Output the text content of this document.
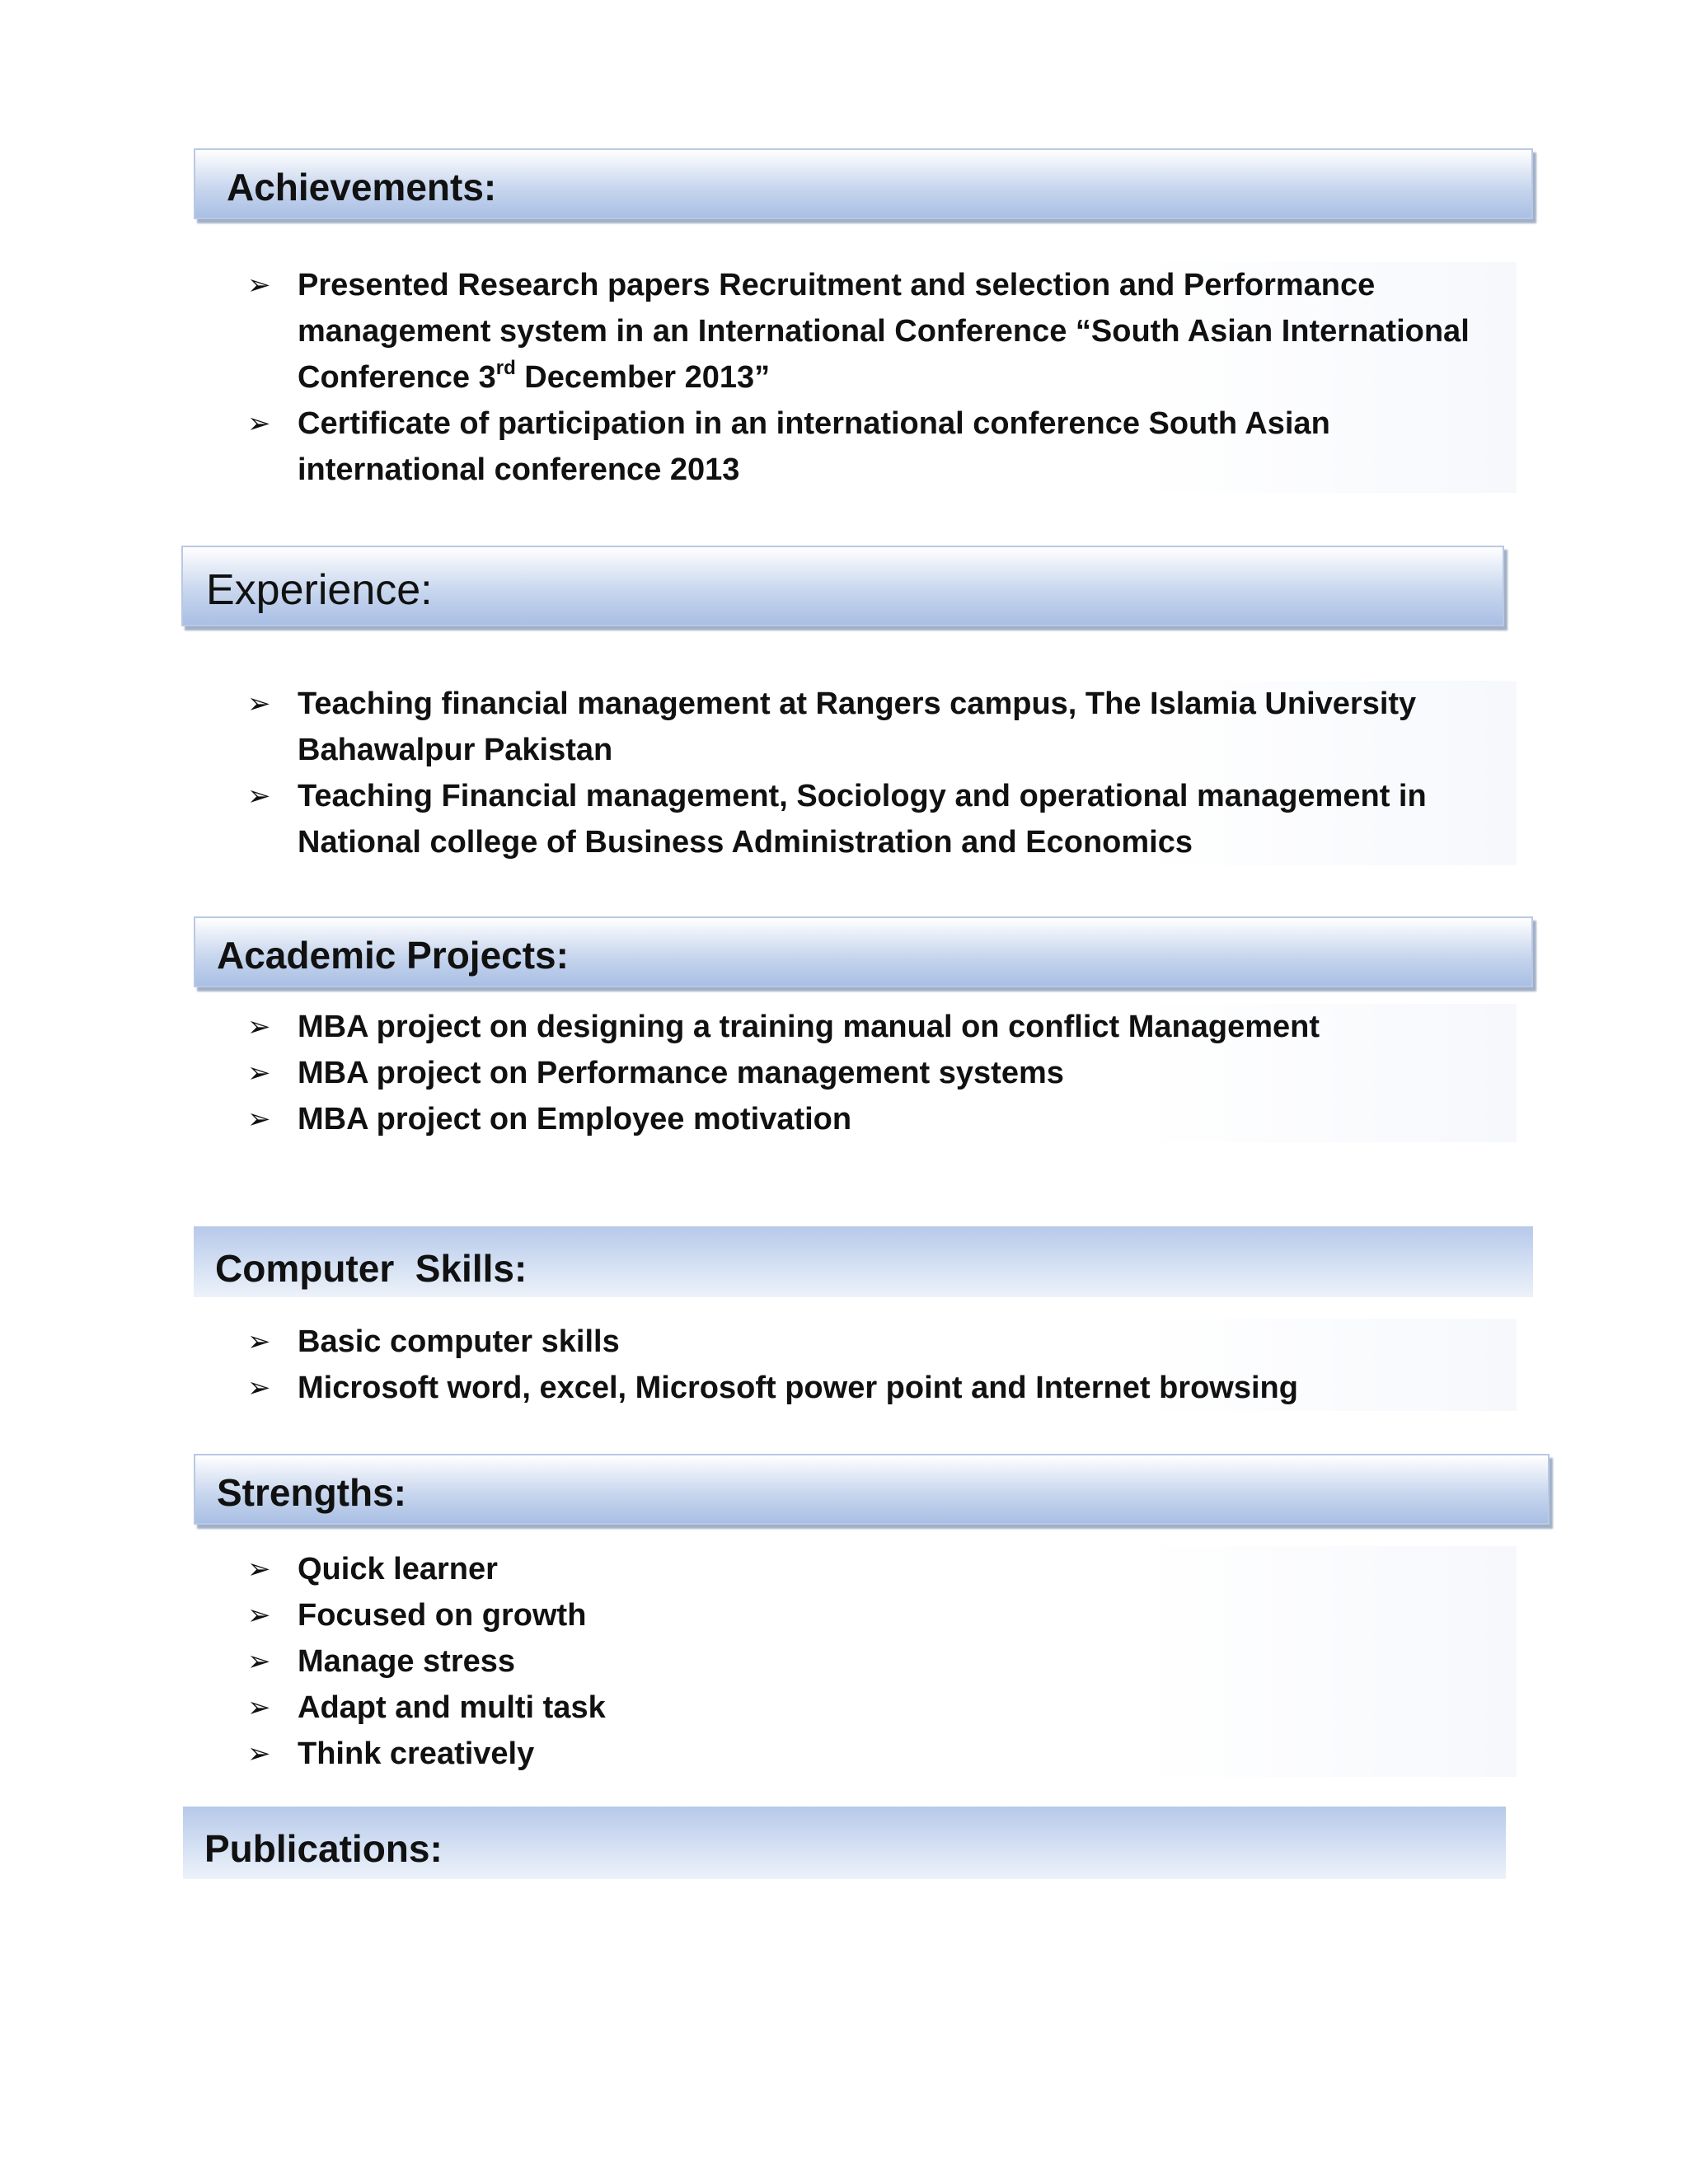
Achievements:
➢ Presented Research papers Recruitment and selection and Performance management system in an International Conference “South Asian International Conference 3rd December 2013”
➢ Certificate of participation in an international conference South Asian international conference 2013
Experience:
➢ Teaching financial management at Rangers campus, The Islamia University Bahawalpur Pakistan
➢ Teaching Financial management, Sociology and operational management in National college of Business Administration and Economics
Academic Projects:
➢ MBA project on designing a training manual on conflict Management
➢ MBA project on Performance management systems
➢ MBA project on Employee motivation
Computer  Skills:
➢ Basic computer skills
➢ Microsoft word, excel, Microsoft power point and Internet browsing
Strengths:
➢ Quick learner
➢ Focused on growth
➢ Manage stress
➢ Adapt and multi task
➢ Think creatively
Publications:
